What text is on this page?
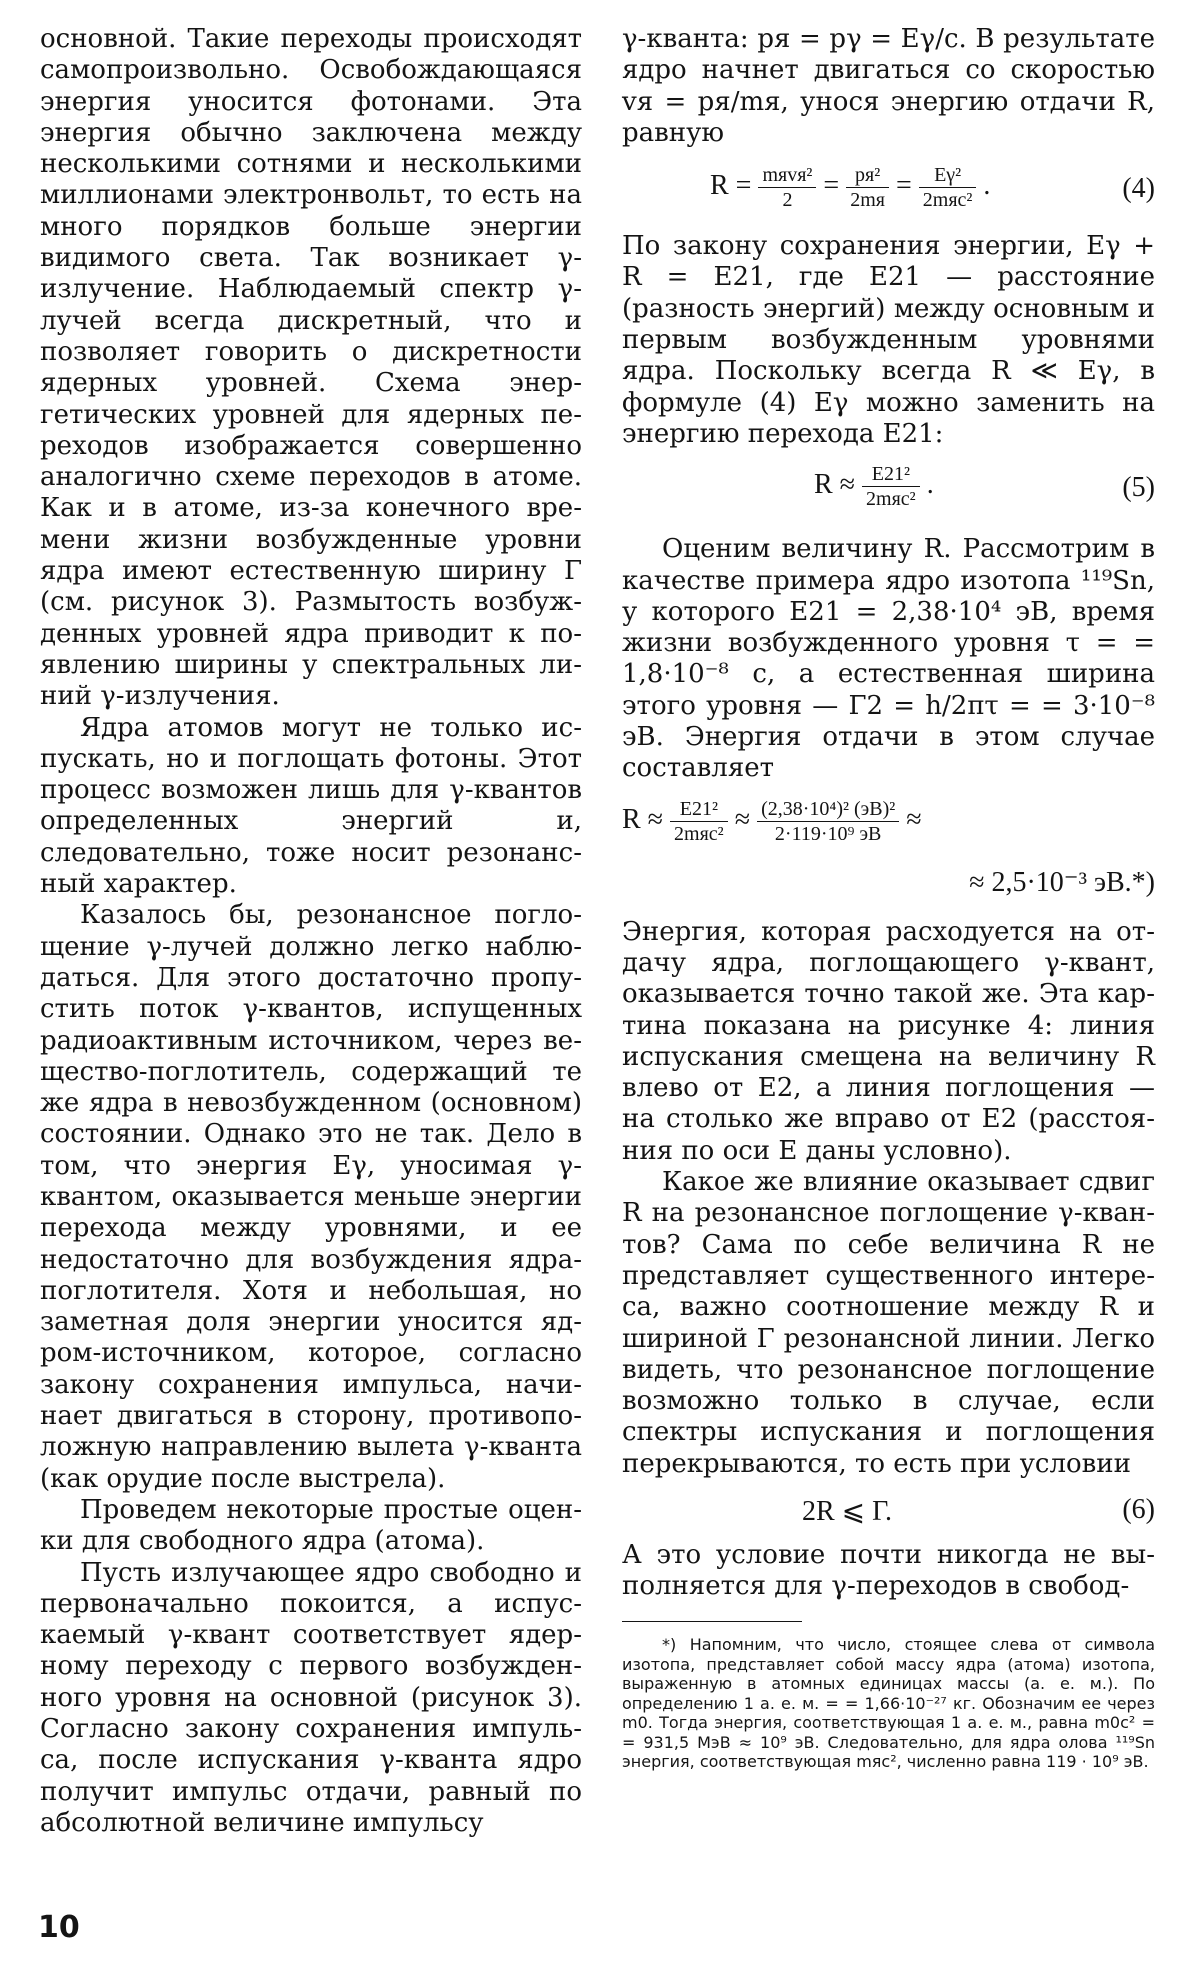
основной. Такие переходы происходят самопроизвольно. Освобождающаяся энергия уносится фотонами. Эта энергия обычно заключена между несколькими сотнями и несколькими миллионами электронвольт, то есть на много порядков больше энергии видимого света. Так возникает γ-излучение. Наблюдаемый спектр γ-лучей всегда дискретный, что и позволяет говорить о дискретности ядерных уровней. Схема энергетических уровней для ядерных переходов изображается совершенно аналогично схеме переходов в атоме. Как и в атоме, из-за конечного времени жизни возбужденные уровни ядра имеют естественную ширину Γ (см. рисунок 3). Размытость возбужденных уровней ядра приводит к появлению ширины у спектральных линий γ-излучения.

Ядра атомов могут не только испускать, но и поглощать фотоны. Этот процесс возможен лишь для γ-квантов определенных энергий и, следовательно, тоже носит резонансный характер.

Казалось бы, резонансное поглощение γ-лучей должно легко наблюдаться. Для этого достаточно пропустить поток γ-квантов, испущенных радиоактивным источником, через вещество-поглотитель, содержащий те же ядра в невозбужденном (основном) состоянии. Однако это не так. Дело в том, что энергия Eγ, уносимая γ-квантом, оказывается меньше энергии перехода между уровнями, и ее недостаточно для возбуждения ядра-поглотителя. Хотя и небольшая, но заметная доля энергии уносится ядром-источником, которое, согласно закону сохранения импульса, начинает двигаться в сторону, противоположную направлению вылета γ-кванта (как орудие после выстрела).

Проведем некоторые простые оценки для свободного ядра (атома).

Пусть излучающее ядро свободно и первоначально покоится, а испускаемый γ-квант соответствует ядерному переходу с первого возбужденного уровня на основной (рисунок 3). Согласно закону сохранения импульса, после испускания γ-кванта ядро получит импульс отдачи, равный по абсолютной величине импульсу

γ-кванта: pя = pγ = Eγ/c. В результате ядро начнет двигаться со скоростью vя = pя/mя, унося энергию отдачи R, равную

$R = \frac{\text{mяvя²}}{2} = \frac{\text{pя²}}{2mя} = \frac{\text{Eγ²}}{\text{2mяc²}}$ .	(4)

По закону сохранения энергии, Eγ + R = E21, где E21 — расстояние (разность энергий) между основным и первым возбужденным уровнями ядра. Поскольку всегда R ≪ Eγ, в формуле (4) Eγ можно заменить на энергию перехода E21:

$R \approx \frac{\text{E21²}}{\text{2mяc²}}$ .	(5)

Оценим величину R. Рассмотрим в качестве примера ядро изотопа ¹¹⁹Sn, у которого E21 = 2,38·10⁴ эВ, время жизни возбужденного уровня τ = = 1,8·10⁻⁸ с, а естественная ширина этого уровня — Γ2 = h/2πτ = = 3·10⁻⁸ эВ. Энергия отдачи в этом случае составляет

$R \approx \frac{\text{E21²}}{\text{2mяc²}} \approx \frac{\text{(2,38·10⁴)² (эВ)²}}{\text{2·119·10⁹ эВ}}$ ≈
≈ 2,5·10⁻³ эВ.*)

Энергия, которая расходуется на отдачу ядра, поглощающего γ-квант, оказывается точно такой же. Эта картина показана на рисунке 4: линия испускания смещена на величину R влево от E2, а линия поглощения — на столько же вправо от E2 (расстояния по оси E даны условно).

Какое же влияние оказывает сдвиг R на резонансное поглощение γ-квантов? Сама по себе величина R не представляет существенного интереса, важно соотношение между R и шириной Γ резонансной линии. Легко видеть, что резонансное поглощение возможно только в случае, если спектры испускания и поглощения перекрываются, то есть при условии

2R ⩽ Γ.	(6)

А это условие почти никогда не выполняется для γ-переходов в свобод-

*) Напомним, что число, стоящее слева от символа изотопа, представляет собой массу ядра (атома) изотопа, выраженную в атомных единицах массы (а. е. м.). По определению 1 а. е. м. = = 1,66·10⁻²⁷ кг. Обозначим ее через m0. Тогда энергия, соответствующая 1 а. е. м., равна m0c² = = 931,5 МэВ ≈ 10⁹ эВ. Следовательно, для ядра олова ¹¹⁹Sn энергия, соответствующая mяc², численно равна 119 · 10⁹ эВ.
10
